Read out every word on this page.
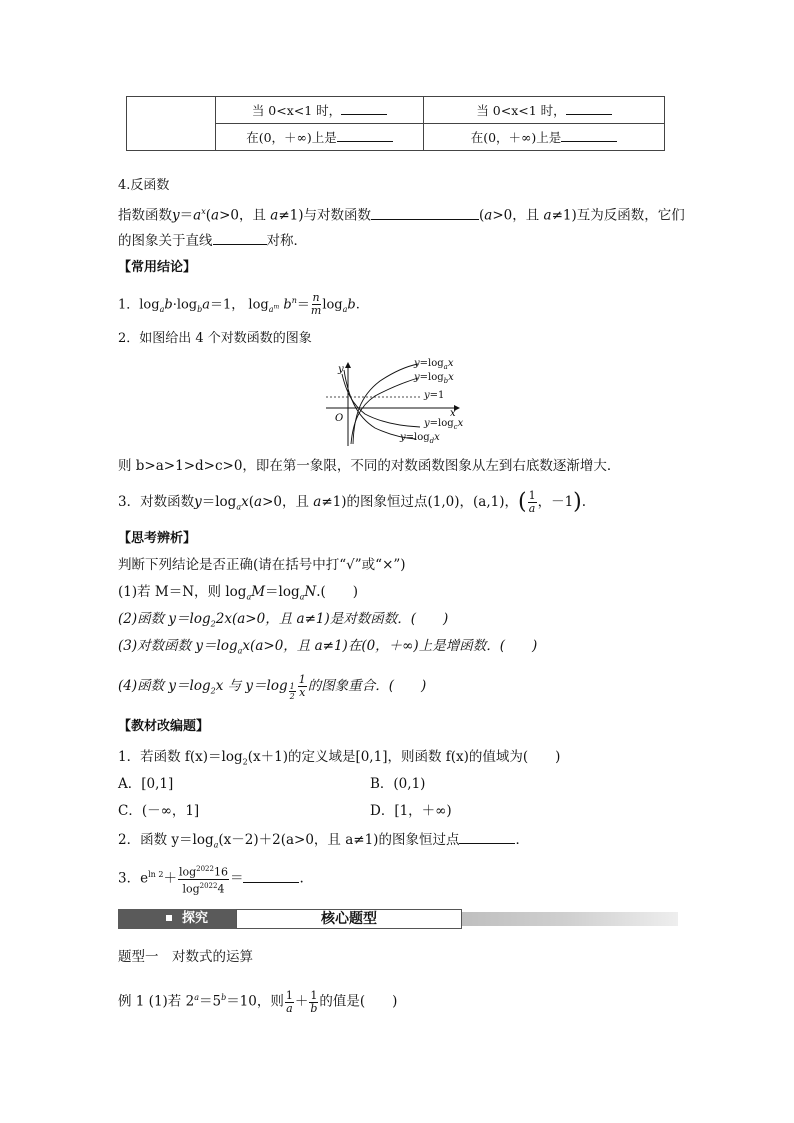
	当 0<x<1 时，	当 0<x<1 时，
	在(0，＋∞)上是	在(0，＋∞)上是
4.反函数
指数函数$y=a^x(a>0$，且 a≠1)与对数函数	(a>0，且 a≠1)互为反函数，它们
的图象关于直线	对称．
【常用结论】
1．$\log_ab\cdot\log_ba=1$， $\log_{a^m} b^n= \frac{n}{m} \log_ab$.
2．如图给出 4 个对数函数的图象
y
x
O
$y=\log_ax$
$y=\log_bx$
y=1
$y=\log_cx$
$y=\log_dx$
则 b>a>1>d>c>0，即在第一象限，不同的对数函数图象从左到右底数逐渐增大．
3．对数函数$y=\log_ax(a>0$，且 a≠1)的图象恒过点(1,0)，(a,1)，( $\frac{1}{a}$ ，－1).
【思考辨析】
判断下列结论是否正确(请在括号中打“√”或“×”)
(1)若 M＝N，则 $\log_aM=\log_aN$.(　　)
(2)函数 $y=\log_22x(a>0$，且 a≠1)是对数函数．(　　)
(3)对数函数 $y=\log_ax(a>0$，且 a≠1)在(0，＋∞)上是增函数．(　　)
(4)函数 $y=\log_2x$ 与 y＝log $_{\frac{1}{2}} \frac{1}{x}$ 的图象重合．(　　)
【教材改编题】
1．若函数 $f(x)=\log_2(x+1)$的定义域是[0,1]，则函数 f(x)的值域为(　　)
A．[0,1]	B．(0,1)
C．(－∞，1]	D．[1，＋∞)
2．函数 $y=\log_a(x-2)+2(a>0$，且 a≠1)的图象恒过点	．
3．$e^{ln 2}+ \frac{\log^{2022}16}{\log^{2022}4}$ ＝	.
探究	核心题型
题型一　对数式的运算
例 1 (1)若 $2^a=5^b=10$，则 $\frac{1}{a} + \frac{1}{b}$ 的值是(　　)
